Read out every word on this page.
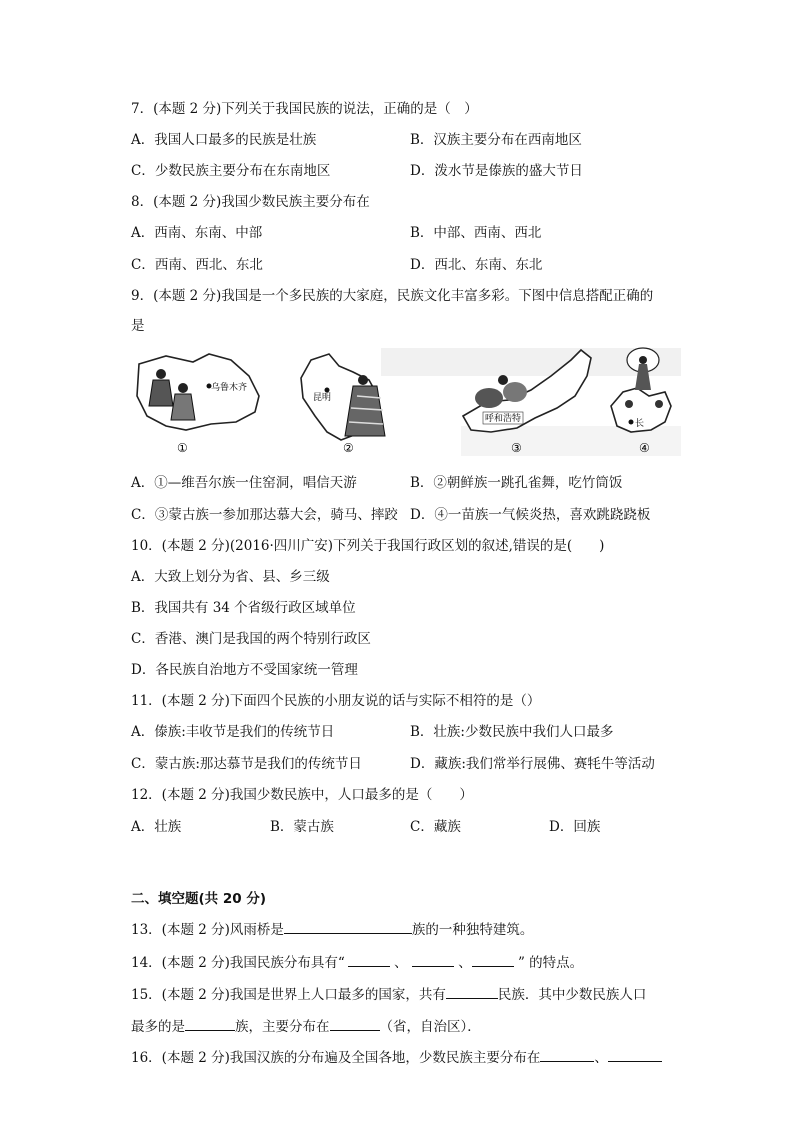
7．(本题 2 分)下列关于我国民族的说法，正确的是（　）
A．我国人口最多的民族是壮族	B．汉族主要分布在西南地区
C．少数民族主要分布在东南地区	D．泼水节是傣族的盛大节日
8．(本题 2 分)我国少数民族主要分布在
A．西南、东南、中部	B．中部、西南、西北
C．西南、西北、东北	D．西北、东南、东北
9．(本题 2 分)我国是一个多民族的大家庭，民族文化丰富多彩。下图中信息搭配正确的
是
乌鲁木齐
①
昆明
②
呼和浩特
③
长
④
A．①—维吾尔族一住窑洞，唱信天游	B．②朝鲜族一跳孔雀舞，吃竹筒饭
C．③蒙古族一参加那达慕大会，骑马、摔跤 D．④一苗族一气候炎热，喜欢跳跷跷板
10．(本题 2 分)(2016·四川广安)下列关于我国行政区划的叙述,错误的是(　　)
A．大致上划分为省、县、乡三级
B．我国共有 34 个省级行政区域单位
C．香港、澳门是我国的两个特别行政区
D．各民族自治地方不受国家统一管理
11．(本题 2 分)下面四个民族的小朋友说的话与实际不相符的是（）
A．傣族:丰收节是我们的传统节日	B．壮族:少数民族中我们人口最多
C．蒙古族:那达慕节是我们的传统节日	D．藏族:我们常举行展佛、赛牦牛等活动
12．(本题 2 分)我国少数民族中，人口最多的是（　　）
A．壮族	B．蒙古族	C．藏族	D．回族
二、填空题(共 20 分)
13．(本题 2 分)风雨桥是	族的一种独特建筑。
14．(本题 2 分)我国民族分布具有“	、	、	” 的特点。
15．(本题 2 分)我国是世界上人口最多的国家，共有	民族．其中少数民族人口
最多的是	族，主要分布在	（省，自治区）．
16．(本题 2 分)我国汉族的分布遍及全国各地，少数民族主要分布在	、
